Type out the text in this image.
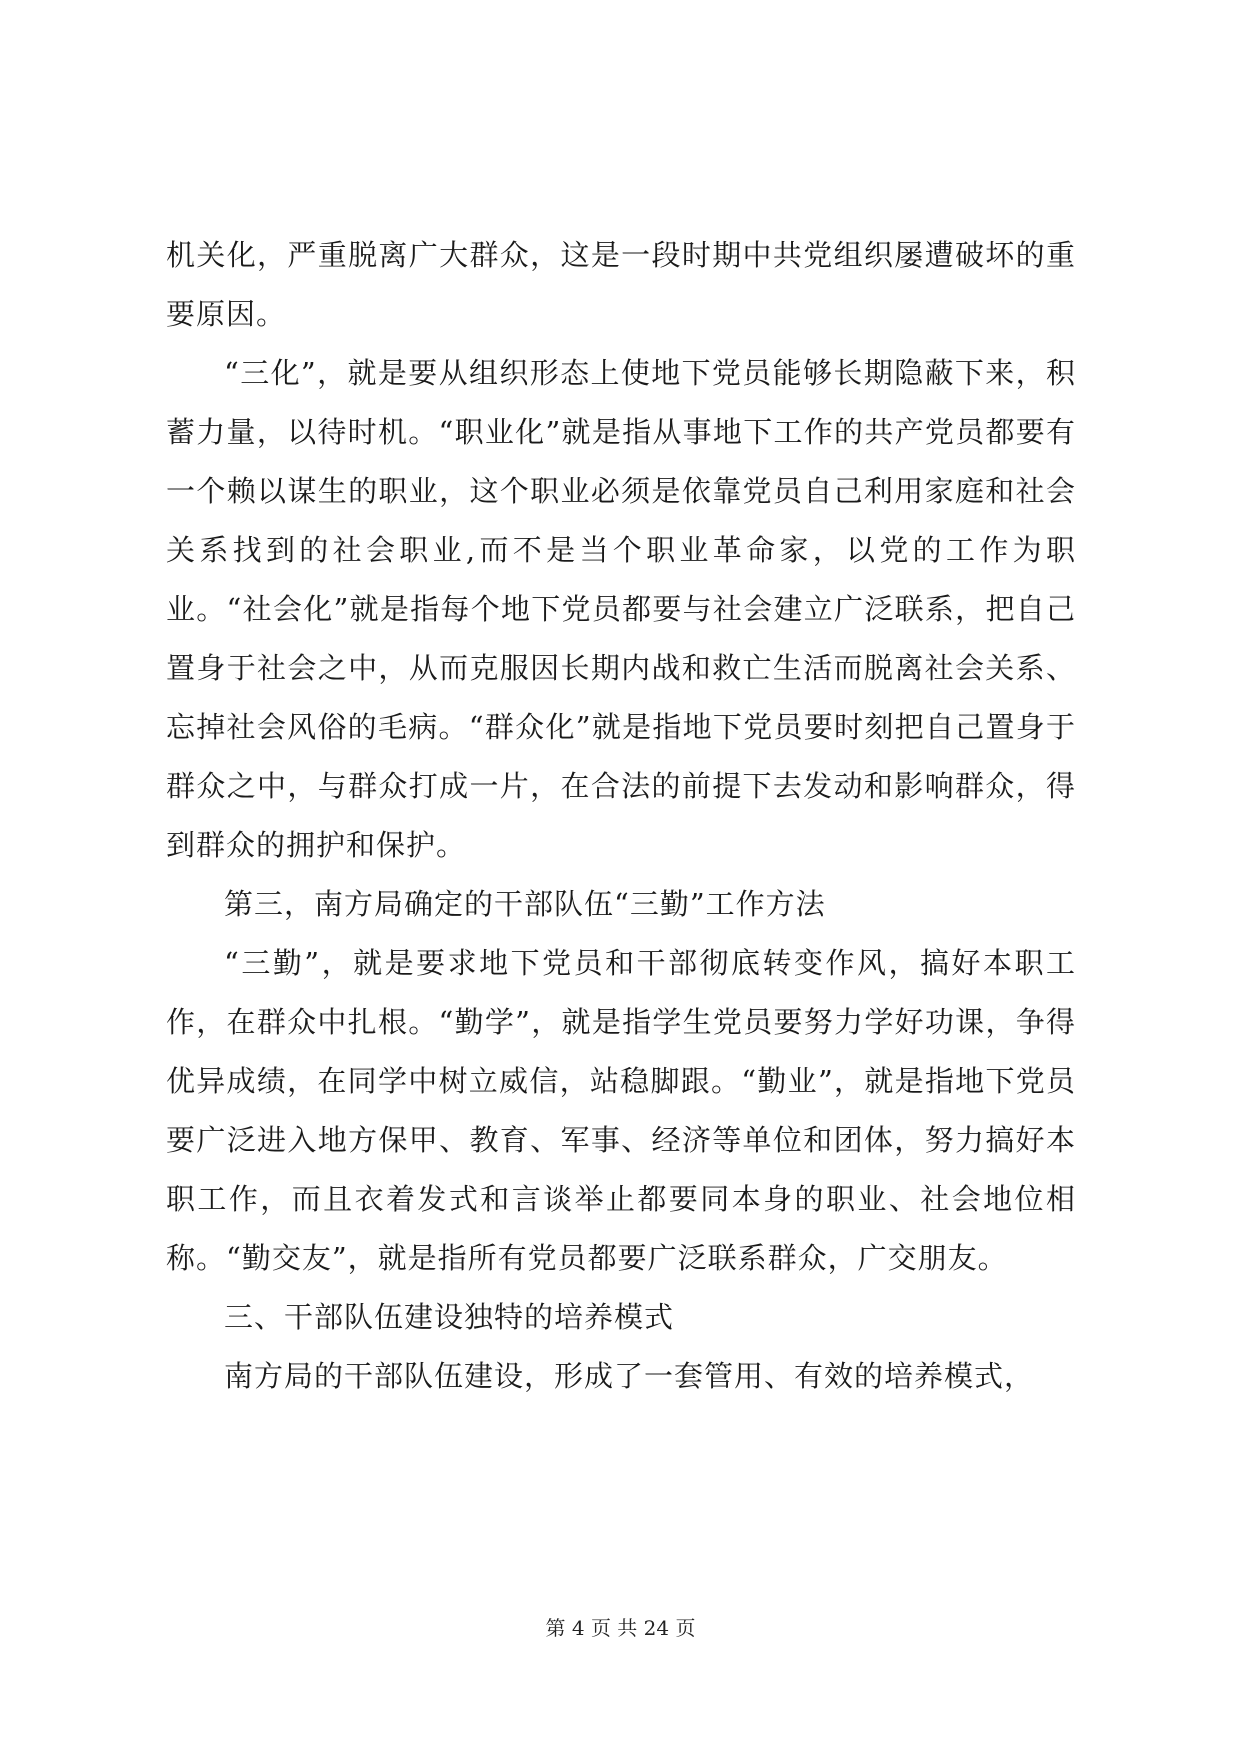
机关化，严重脱离广大群众，这是一段时期中共党组织屡遭破坏的重要原因。

“三化”，就是要从组织形态上使地下党员能够长期隐蔽下来，积蓄力量，以待时机。“职业化”就是指从事地下工作的共产党员都要有一个赖以谋生的职业，这个职业必须是依靠党员自己利用家庭和社会关系找到的社会职业,而不是当个职业革命家，以党的工作为职业。“社会化”就是指每个地下党员都要与社会建立广泛联系，把自己置身于社会之中，从而克服因长期内战和救亡生活而脱离社会关系、忘掉社会风俗的毛病。“群众化”就是指地下党员要时刻把自己置身于群众之中，与群众打成一片，在合法的前提下去发动和影响群众，得到群众的拥护和保护。

第三，南方局确定的干部队伍“三勤”工作方法

“三勤”，就是要求地下党员和干部彻底转变作风，搞好本职工作，在群众中扎根。“勤学”，就是指学生党员要努力学好功课，争得优异成绩，在同学中树立威信，站稳脚跟。“勤业”，就是指地下党员要广泛进入地方保甲、教育、军事、经济等单位和团体，努力搞好本职工作，而且衣着发式和言谈举止都要同本身的职业、社会地位相称。“勤交友”，就是指所有党员都要广泛联系群众，广交朋友。

三、干部队伍建设独特的培养模式

南方局的干部队伍建设，形成了一套管用、有效的培养模式，

第 4 页 共 24 页
